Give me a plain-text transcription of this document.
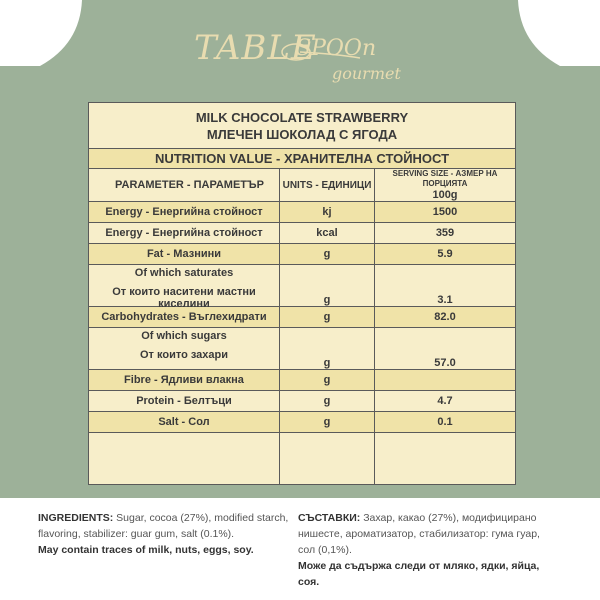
TABLE
SPOOn
gourmet
MILK CHOCOLATE STRAWBERRY
МЛЕЧЕН ШОКОЛАД С ЯГОДА		

NUTRITION VALUE - ХРАНИТЕЛНА СТОЙНОСТ		
PARAMETER - ПАРАМЕТЪР	UNITS - ЕДИНИЦИ	SERVING SIZE - АЗМЕР НА ПОРЦИЯТА
100g

Energy - Енергийна стойност	kj	1500
Energy - Енергийна стойност	kcal	359
Fat - Мазнини	g	5.9

Of which saturates
От които наситени мастни киселини	g	3.1
Carbohydrates - Въглехидрати	g	82.0

Of which sugars
От които захари	g	57.0
Fibre - Ядливи влакна	g	
Protein - Белтъци	g	4.7
Salt - Сол	g	0.1

INGREDIENTS: Sugar, cocoa (27%), modified starch, flavoring, stabilizer: guar gum, salt (0.1%).
May contain traces of milk, nuts, eggs, soy.
СЪСТАВКИ: Захар, какао (27%), модифицирано нишесте, ароматизатор, стабилизатор: гума гуар, сол (0,1%).
Може да съдържа следи от мляко, ядки, яйца, соя.
